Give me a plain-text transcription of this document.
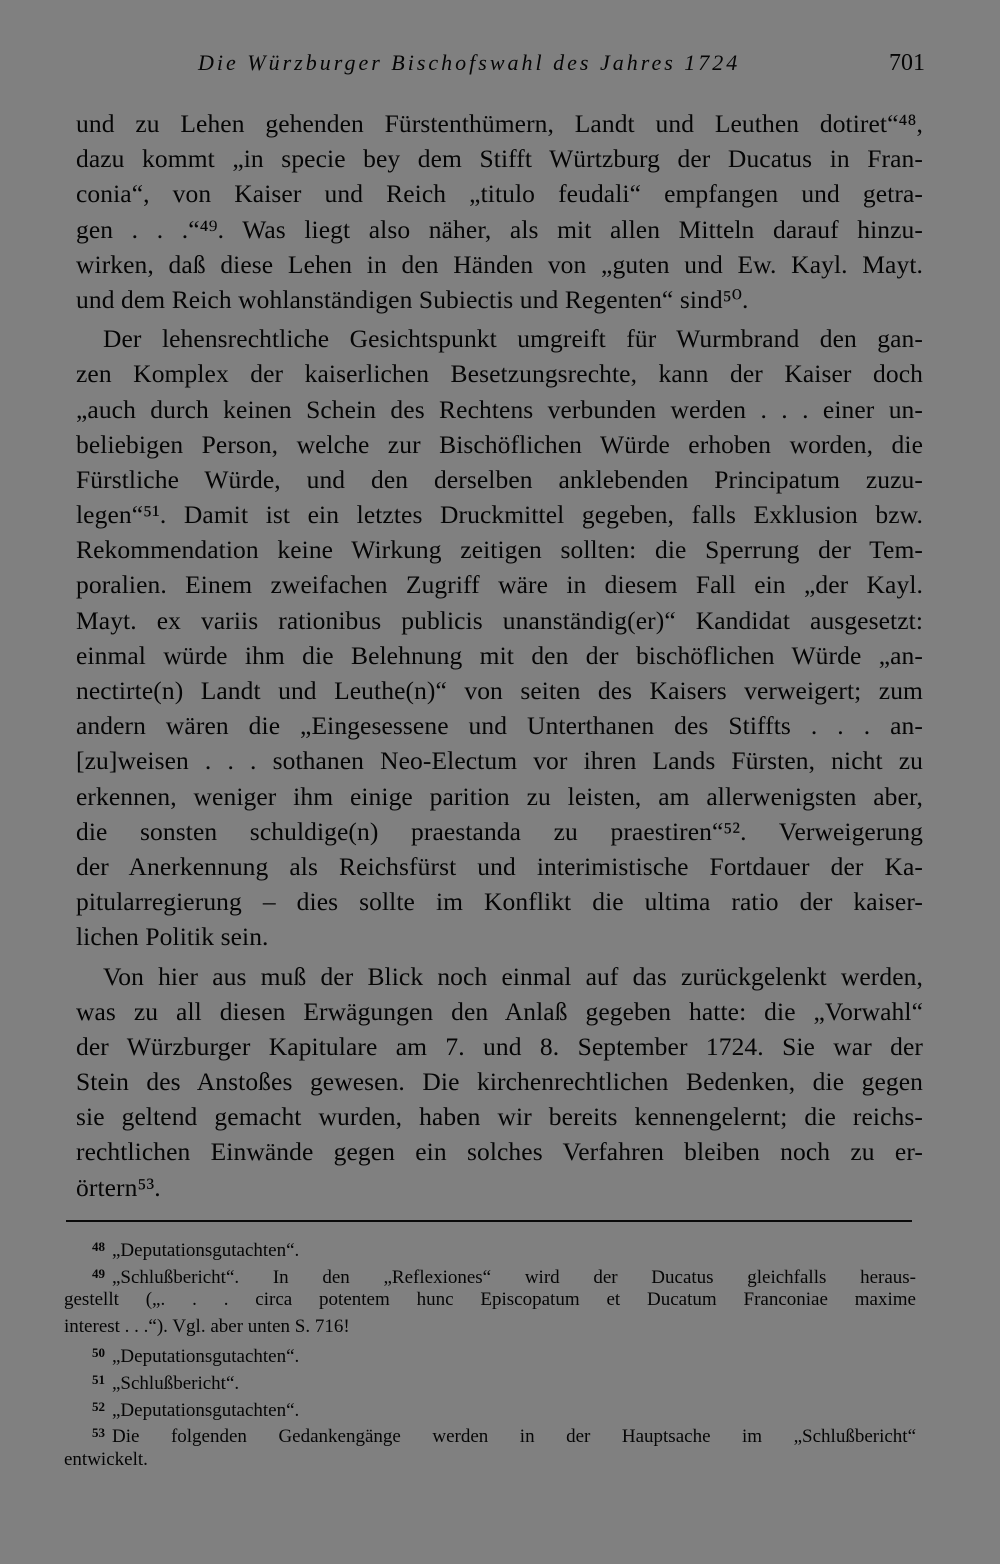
Die Würzburger Bischofswahl des Jahres 1724	701
und zu Lehen gehenden Fürstenthümern, Landt und Leuthen dotiret“⁴⁸,
dazu kommt „in specie bey dem Stifft Würtzburg der Ducatus in Fran-
conia“, von Kaiser und Reich „titulo feudali“ empfangen und getra-
gen . . .“⁴⁹. Was liegt also näher, als mit allen Mitteln darauf hinzu-
wirken, daß diese Lehen in den Händen von „guten und Ew. Kayl. Mayt.
und dem Reich wohlanständigen Subiectis und Regenten“ sind⁵⁰.
Der lehensrechtliche Gesichtspunkt umgreift für Wurmbrand den gan-
zen Komplex der kaiserlichen Besetzungsrechte, kann der Kaiser doch
„auch durch keinen Schein des Rechtens verbunden werden . . . einer un-
beliebigen Person, welche zur Bischöflichen Würde erhoben worden, die
Fürstliche Würde, und den derselben anklebenden Principatum zuzu-
legen“⁵¹. Damit ist ein letztes Druckmittel gegeben, falls Exklusion bzw.
Rekommendation keine Wirkung zeitigen sollten: die Sperrung der Tem-
poralien. Einem zweifachen Zugriff wäre in diesem Fall ein „der Kayl.
Mayt. ex variis rationibus publicis unanständig(er)“ Kandidat ausgesetzt:
einmal würde ihm die Belehnung mit den der bischöflichen Würde „an-
nectirte(n) Landt und Leuthe(n)“ von seiten des Kaisers verweigert; zum
andern wären die „Eingesessene und Unterthanen des Stiffts . . . an-
[zu]weisen . . . sothanen Neo-Electum vor ihren Lands Fürsten, nicht zu
erkennen, weniger ihm einige parition zu leisten, am allerwenigsten aber,
die sonsten schuldige(n) praestanda zu praestiren“⁵². Verweigerung
der Anerkennung als Reichsfürst und interimistische Fortdauer der Ka-
pitularregierung – dies sollte im Konflikt die ultima ratio der kaiser-
lichen Politik sein.
Von hier aus muß der Blick noch einmal auf das zurückgelenkt werden,
was zu all diesen Erwägungen den Anlaß gegeben hatte: die „Vorwahl“
der Würzburger Kapitulare am 7. und 8. September 1724. Sie war der
Stein des Anstoßes gewesen. Die kirchenrechtlichen Bedenken, die gegen
sie geltend gemacht wurden, haben wir bereits kennengelernt; die reichs-
rechtlichen Einwände gegen ein solches Verfahren bleiben noch zu er-
örtern⁵³.
$^{48}$ „Deputationsgutachten“.
$^{49}$ „Schlußbericht“. In den „Reflexiones“ wird der Ducatus gleichfalls heraus-
gestellt („. . . circa potentem hunc Episcopatum et Ducatum Franconiae maxime
interest . . .“). Vgl. aber unten S. 716!
$^{50}$ „Deputationsgutachten“.
$^{51}$ „Schlußbericht“.
$^{52}$ „Deputationsgutachten“.
$^{53}$ Die folgenden Gedankengänge werden in der Hauptsache im „Schlußbericht“
entwickelt.
